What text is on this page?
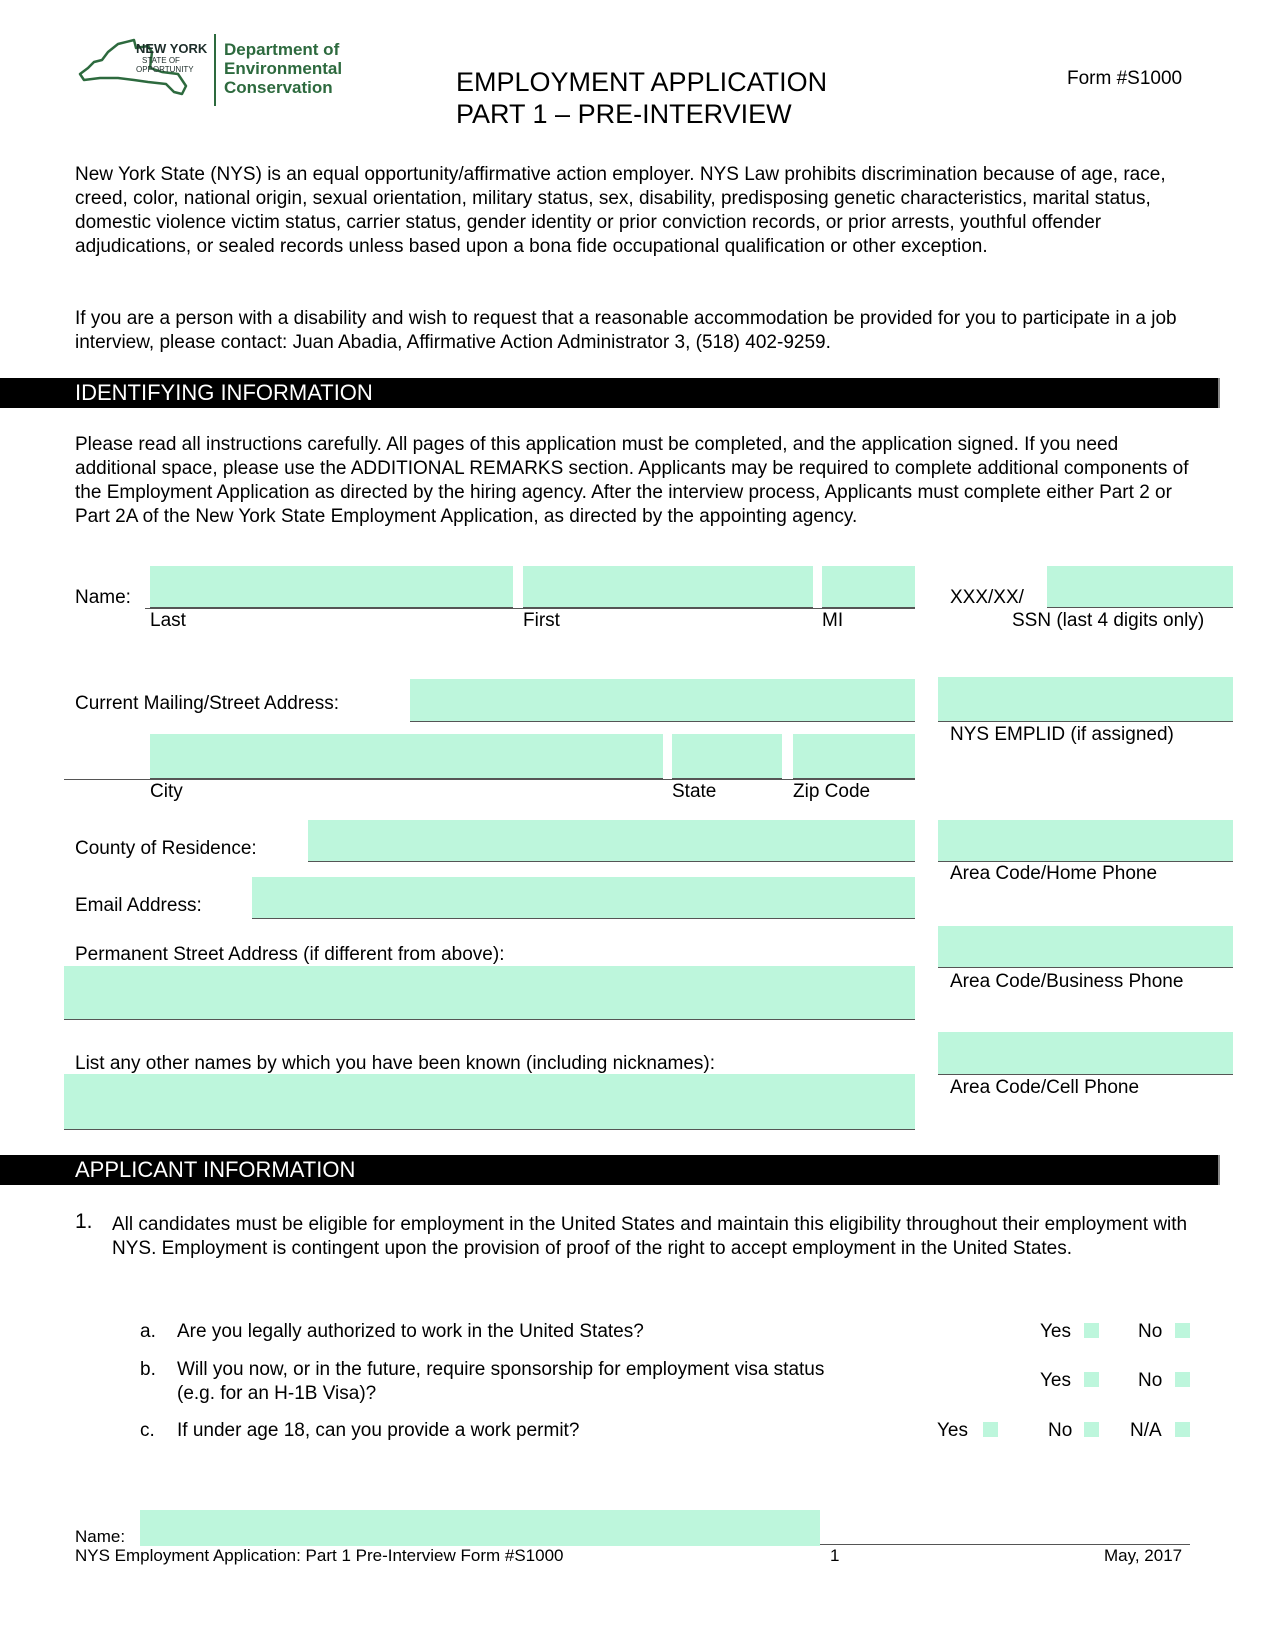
NEW YORK
STATE OF
OPPORTUNITY
Department of
Environmental
Conservation	EMPLOYMENT APPLICATION
PART 1 – PRE-INTERVIEW
Form #S1000

New York State (NYS) is an equal opportunity/affirmative action employer. NYS Law prohibits discrimination because of age, race, creed, color, national origin, sexual orientation, military status, sex, disability, predisposing genetic characteristics, marital status, domestic violence victim status, carrier status, gender identity or prior conviction records, or prior arrests, youthful offender adjudications, or sealed records unless based upon a bona fide occupational qualification or other exception.

If you are a person with a disability and wish to request that a reasonable accommodation be provided for you to participate in a job interview, please contact: Juan Abadia, Affirmative Action Administrator 3, (518) 402-9259.

IDENTIFYING INFORMATION

Please read all instructions carefully. All pages of this application must be completed, and the application signed. If you need additional space, please use the ADDITIONAL REMARKS section. Applicants may be required to complete additional components of the Employment Application as directed by the hiring agency. After the interview process, Applicants must complete either Part 2 or Part 2A of the New York State Employment Application, as directed by the appointing agency.

Name:
Last	First	MI
XXX/XX/
SSN (last 4 digits only)
Current Mailing/Street Address:
NYS EMPLID (if assigned)
City	State	Zip Code
County of Residence:
Area Code/Home Phone
Email Address:
Permanent Street Address (if different from above):
Area Code/Business Phone
List any other names by which you have been known (including nicknames):
Area Code/Cell Phone
APPLICANT INFORMATION
1. All candidates must be eligible for employment in the United States and maintain this eligibility throughout their employment with NYS. Employment is contingent upon the provision of proof of the right to accept employment in the United States.

a. Are you legally authorized to work in the United States?	Yes	No
b. Will you now, or in the future, require sponsorship for employment visa status
(e.g. for an H-1B Visa)?
Yes	No
c. If under age 18, can you provide a work permit?	Yes	No	N/A
Name:
NYS Employment Application: Part 1 Pre-Interview Form #S1000	1	May, 2017
